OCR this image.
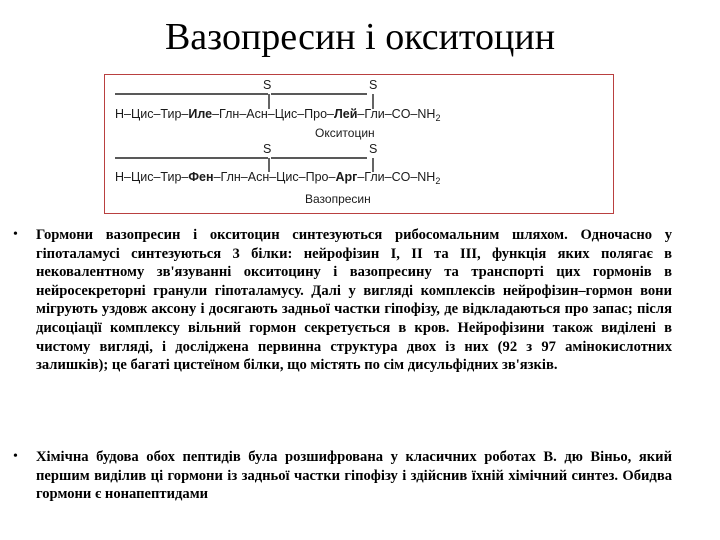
Вазопресин і окситоцин
S	S
$H-Цис-Тир-Иле-Глн-Асн-Цис-Про-Лей-Гли-CO-NH_2$
Окситоцин
S	S
$H-Цис-Тир-Фен-Глн-Асн-Цис-Про-Арг-Гли-CO-NH_2$
Вазопресин
• Гормони вазопресин і окситоцин синтезуються рибосомальним шляхом. Одночасно у гіпоталамусі синтезуються 3 білки: нейрофізин I, II та III, функція яких полягає в нековалентному зв'язуванні окситоцину і вазопресину та транспорті цих гормонів в нейросекреторні гранули гіпоталамусу. Далі у вигляді комплексів нейрофізин–гормон вони мігрують уздовж аксону і досягають задньої частки гіпофізу, де відкладаються про запас; після дисоціації комплексу вільний гормон секретується в кров. Нейрофізини також виділені в чистому вигляді, і досліджена первинна структура двох із них (92 з 97 амінокислотних залишків); це багаті цистеїном білки, що містять по сім дисульфідних зв'язків.

• Хімічна будова обох пептидів була розшифрована у класичних роботах В. дю Віньо, який першим виділив ці гормони із задньої частки гіпофізу і здійснив їхній хімічний синтез. Обидва гормони є нонапептидами
